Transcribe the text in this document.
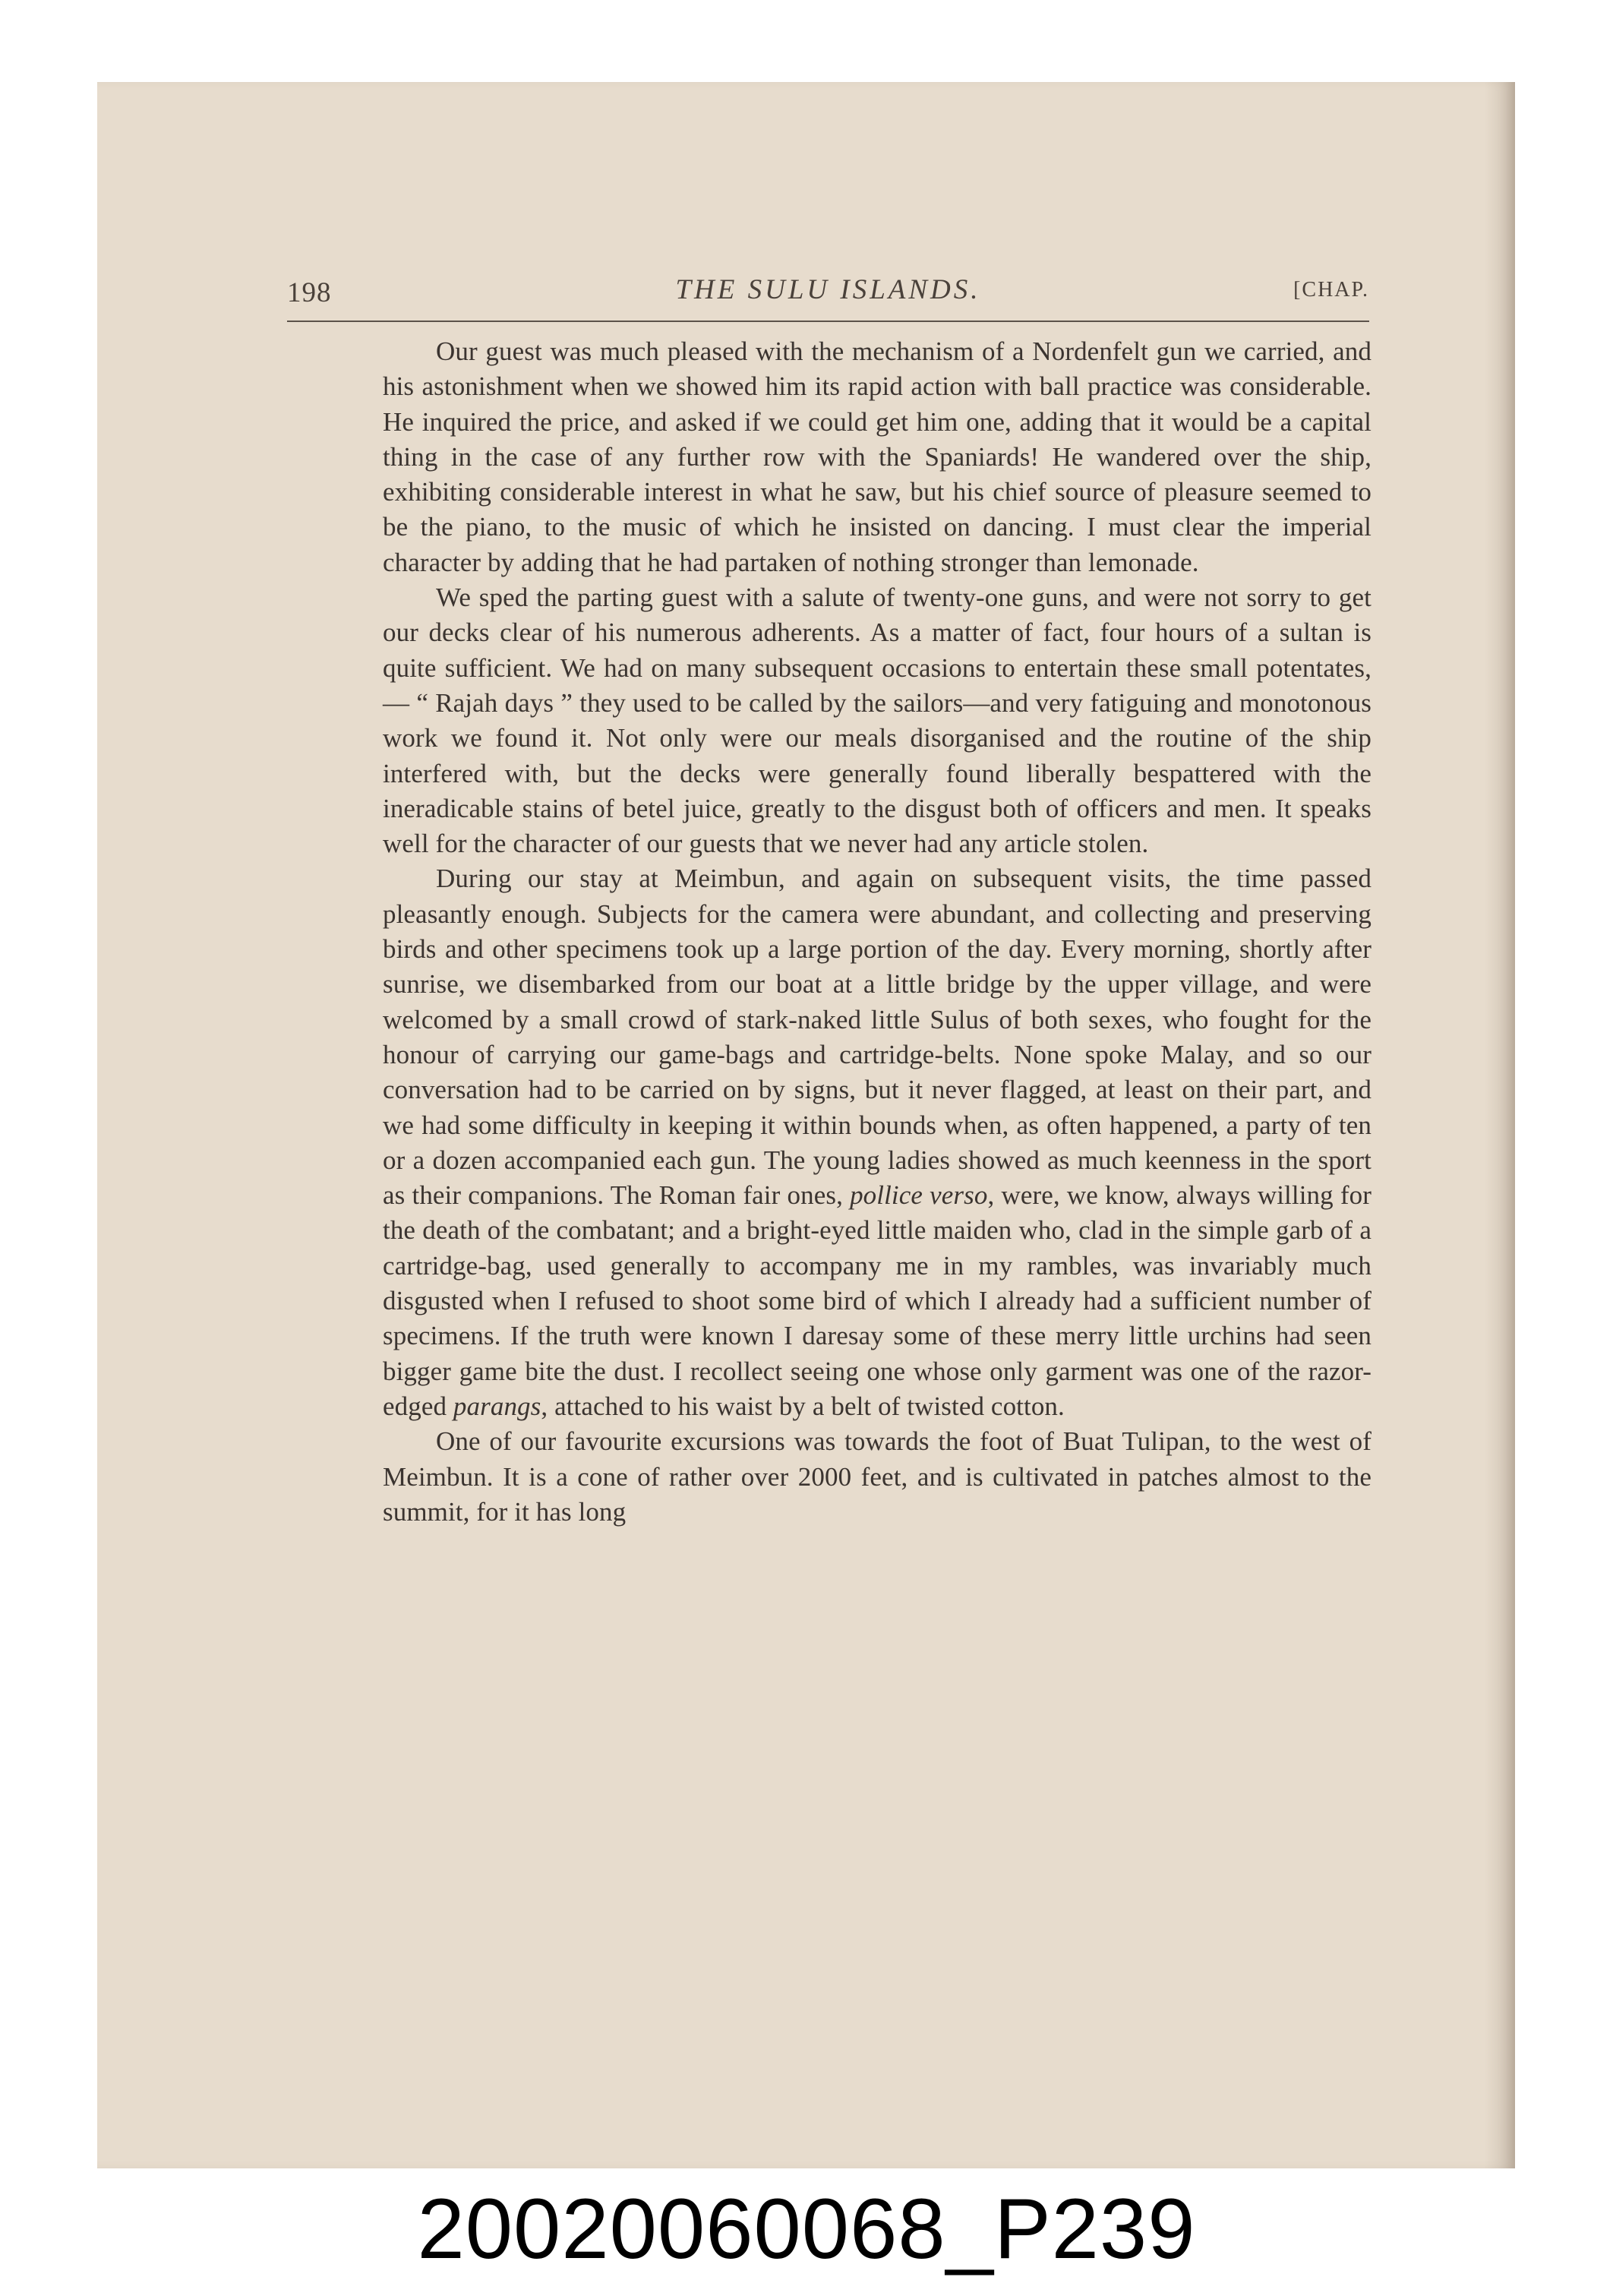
198	THE SULU ISLANDS.	[CHAP.

Our guest was much pleased with the mechanism of a Nordenfelt gun we carried, and his astonishment when we showed him its rapid action with ball practice was considerable. He inquired the price, and asked if we could get him one, adding that it would be a capital thing in the case of any further row with the Spaniards! He wandered over the ship, exhibiting considerable interest in what he saw, but his chief source of pleasure seemed to be the piano, to the music of which he insisted on dancing. I must clear the imperial character by adding that he had partaken of nothing stronger than lemonade.

We sped the parting guest with a salute of twenty-one guns, and were not sorry to get our decks clear of his numerous adherents. As a matter of fact, four hours of a sultan is quite sufficient. We had on many subsequent occasions to entertain these small potentates,— “ Rajah days ” they used to be called by the sailors—and very fatiguing and monotonous work we found it. Not only were our meals disorganised and the routine of the ship interfered with, but the decks were generally found liberally bespattered with the ineradicable stains of betel juice, greatly to the disgust both of officers and men. It speaks well for the character of our guests that we never had any article stolen.

During our stay at Meimbun, and again on subsequent visits, the time passed pleasantly enough. Subjects for the camera were abundant, and collecting and preserving birds and other specimens took up a large portion of the day. Every morning, shortly after sunrise, we disembarked from our boat at a little bridge by the upper village, and were welcomed by a small crowd of stark-naked little Sulus of both sexes, who fought for the honour of carrying our game-bags and cartridge-belts. None spoke Malay, and so our conversation had to be carried on by signs, but it never flagged, at least on their part, and we had some difficulty in keeping it within bounds when, as often happened, a party of ten or a dozen accompanied each gun. The young ladies showed as much keenness in the sport as their companions. The Roman fair ones, pollice verso, were, we know, always willing for the death of the combatant; and a bright-eyed little maiden who, clad in the simple garb of a cartridge-bag, used generally to accompany me in my rambles, was invariably much disgusted when I refused to shoot some bird of which I already had a sufficient number of specimens. If the truth were known I daresay some of these merry little urchins had seen bigger game bite the dust. I recollect seeing one whose only garment was one of the razor-edged parangs, attached to his waist by a belt of twisted cotton.

One of our favourite excursions was towards the foot of Buat Tulipan, to the west of Meimbun. It is a cone of rather over 2000 feet, and is cultivated in patches almost to the summit, for it has long

20020060068_P239
